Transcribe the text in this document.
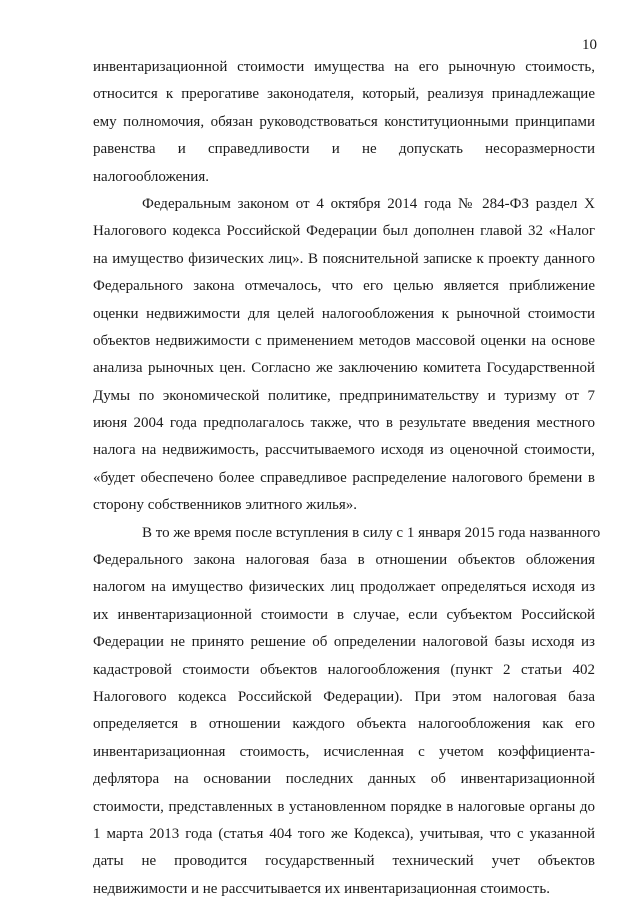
10
инвентаризационной стоимости имущества на его рыночную стоимость,
относится к прерогативе законодателя, который, реализуя принадлежащие
ему полномочия, обязан руководствоваться конституционными принципами
равенства и справедливости и не допускать несоразмерности
налогообложения.
Федеральным законом от 4 октября 2014 года № 284-ФЗ раздел X
Налогового кодекса Российской Федерации был дополнен главой 32 «Налог
на имущество физических лиц». В пояснительной записке к проекту данного
Федерального закона отмечалось, что его целью является приближение
оценки недвижимости для целей налогообложения к рыночной стоимости
объектов недвижимости с применением методов массовой оценки на основе
анализа рыночных цен. Согласно же заключению комитета Государственной
Думы по экономической политике, предпринимательству и туризму от 7
июня 2004 года предполагалось также, что в результате введения местного
налога на недвижимость, рассчитываемого исходя из оценочной стоимости,
«будет обеспечено более справедливое распределение налогового бремени в
сторону собственников элитного жилья».
В то же время после вступления в силу с 1 января 2015 года названного
Федерального закона налоговая база в отношении объектов обложения
налогом на имущество физических лиц продолжает определяться исходя из
их инвентаризационной стоимости в случае, если субъектом Российской
Федерации не принято решение об определении налоговой базы исходя из
кадастровой стоимости объектов налогообложения (пункт 2 статьи 402
Налогового кодекса Российской Федерации). При этом налоговая база
определяется в отношении каждого объекта налогообложения как его
инвентаризационная стоимость, исчисленная с учетом коэффициента-
дефлятора на основании последних данных об инвентаризационной
стоимости, представленных в установленном порядке в налоговые органы до
1 марта 2013 года (статья 404 того же Кодекса), учитывая, что с указанной
даты не проводится государственный технический учет объектов
недвижимости и не рассчитывается их инвентаризационная стоимость.
